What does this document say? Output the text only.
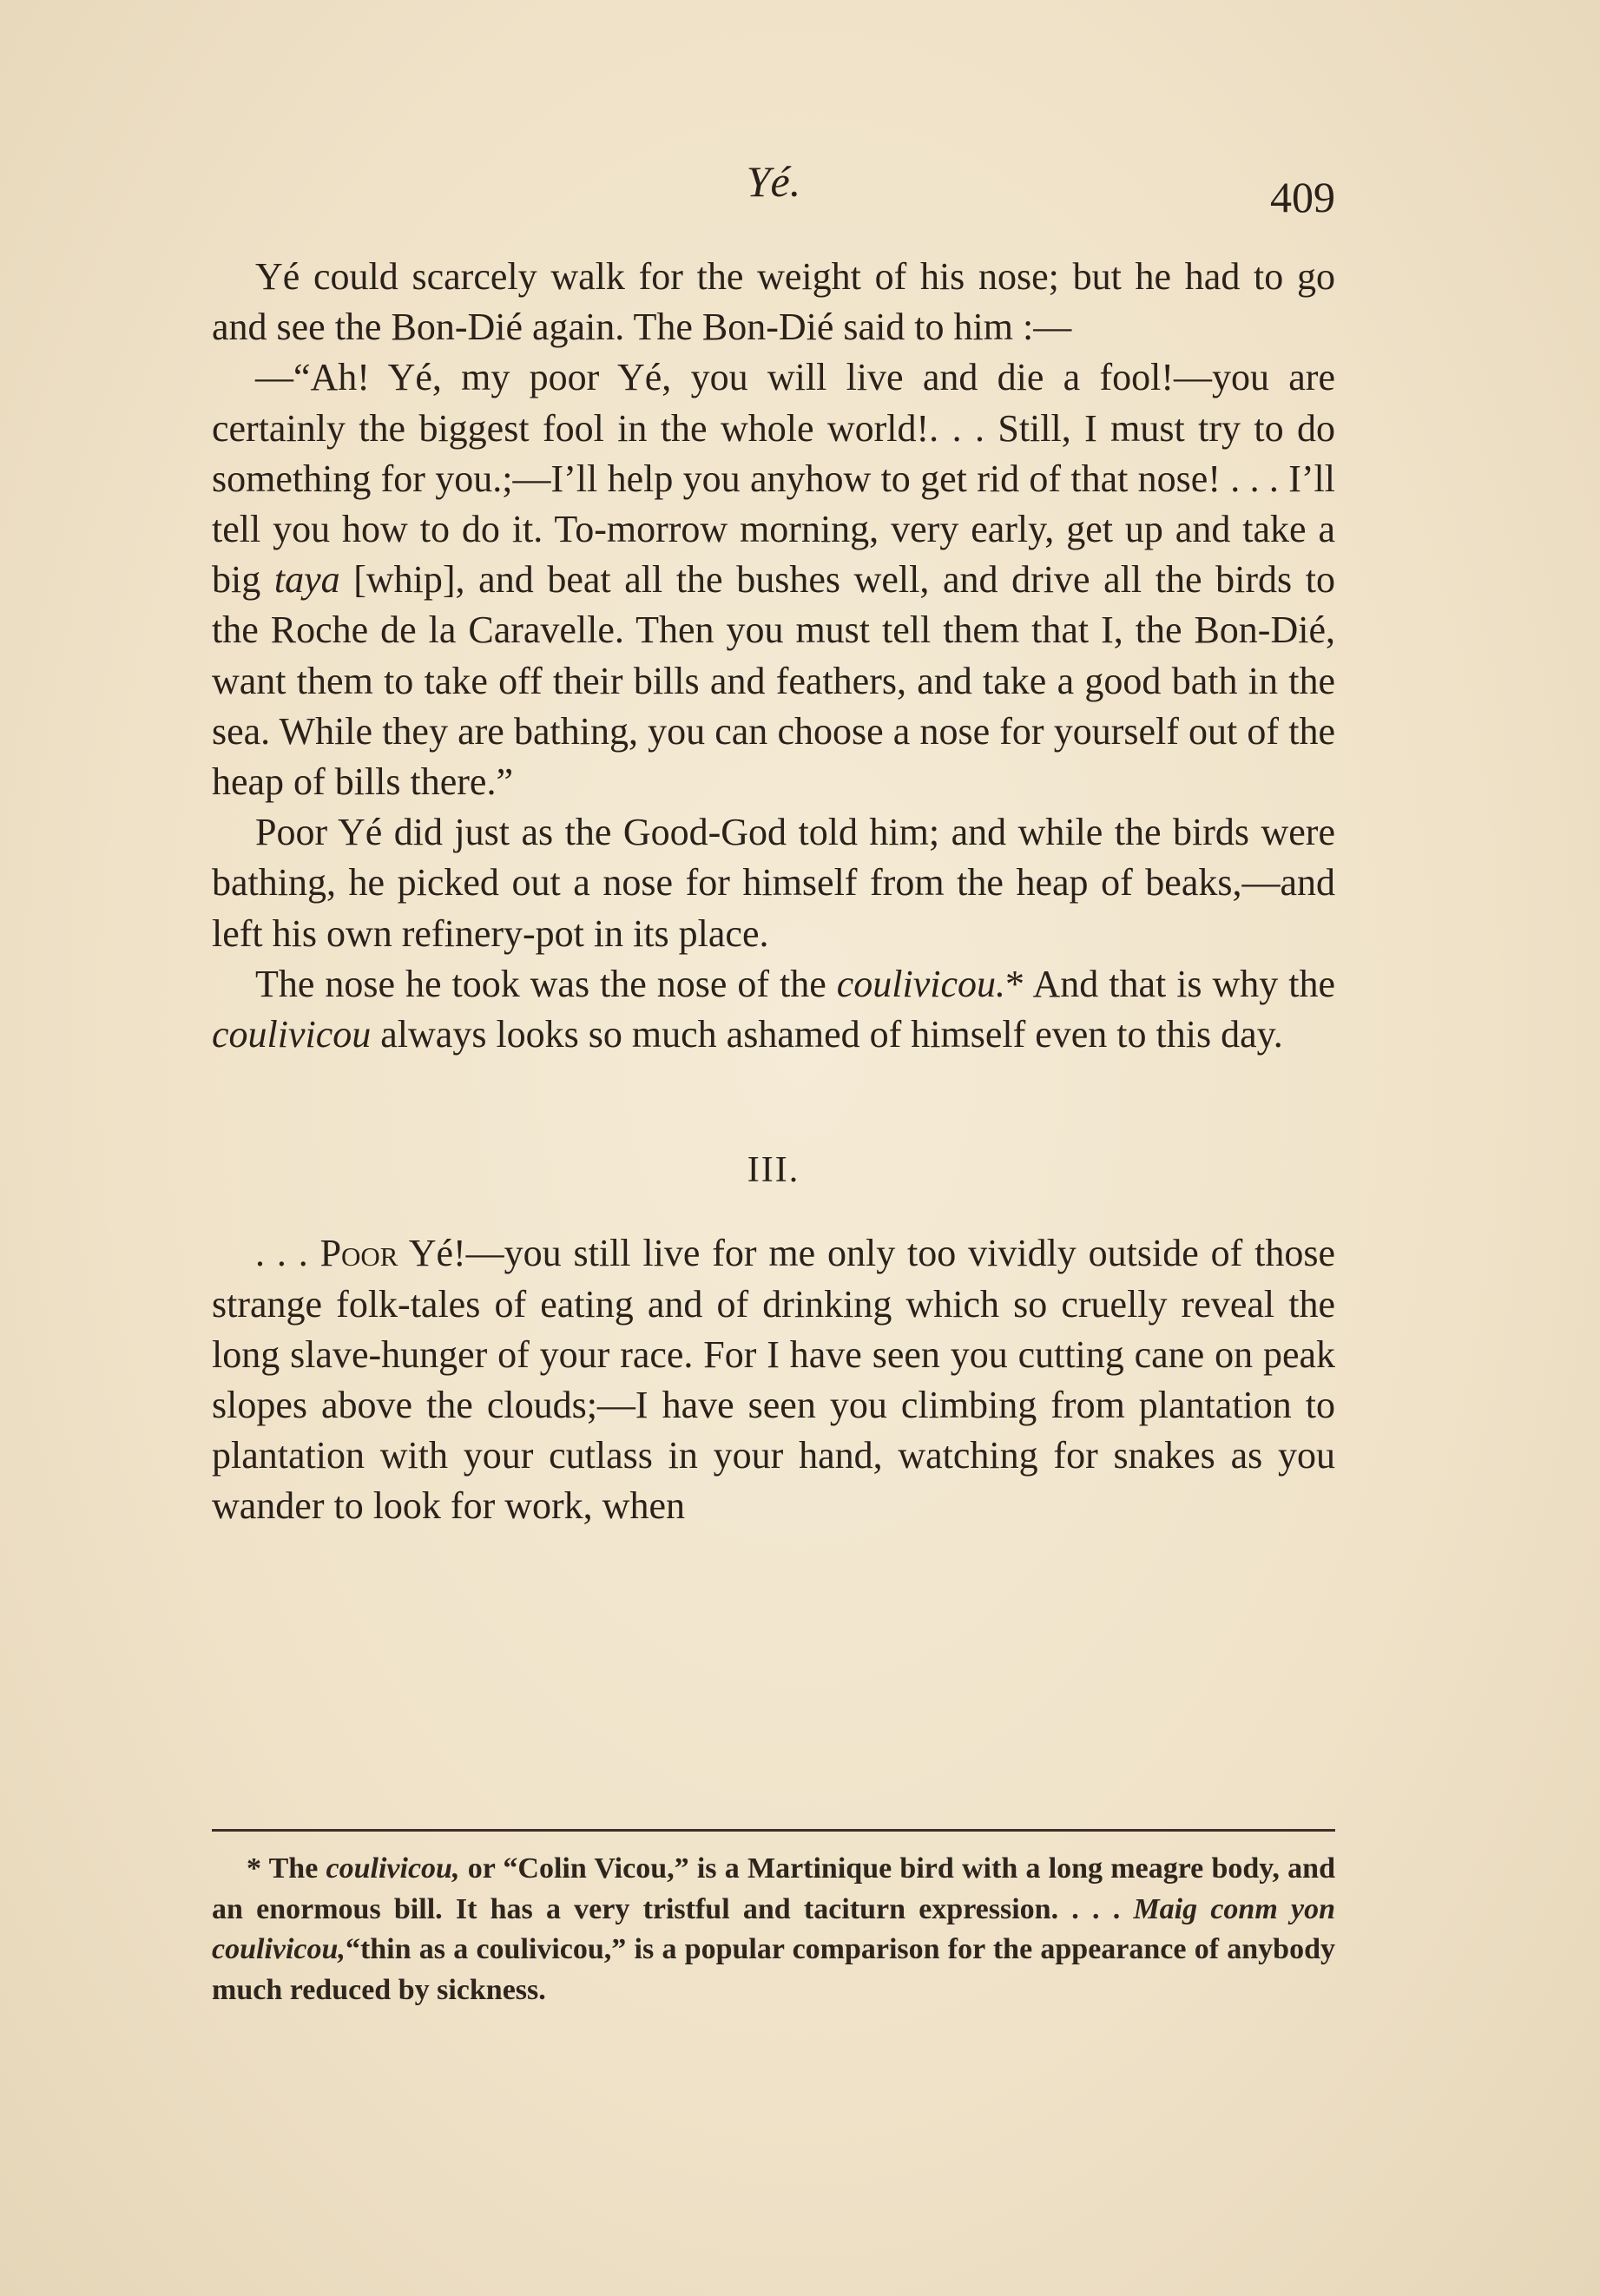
Yé.	409

Yé could scarcely walk for the weight of his nose; but he had to go and see the Bon-Dié again. The Bon-Dié said to him :—

—“Ah! Yé, my poor Yé, you will live and die a fool!—you are certainly the biggest fool in the whole world!. . . Still, I must try to do something for you.;—I’ll help you anyhow to get rid of that nose! . . . I’ll tell you how to do it. To-morrow morning, very early, get up and take a big taya [whip], and beat all the bushes well, and drive all the birds to the Roche de la Caravelle. Then you must tell them that I, the Bon-Dié, want them to take off their bills and feathers, and take a good bath in the sea. While they are bathing, you can choose a nose for yourself out of the heap of bills there.”

Poor Yé did just as the Good-God told him; and while the birds were bathing, he picked out a nose for himself from the heap of beaks,—and left his own refinery-pot in its place.

The nose he took was the nose of the coulivicou.* And that is why the coulivicou always looks so much ashamed of himself even to this day.

III.

. . . Poor Yé!—you still live for me only too vividly outside of those strange folk-tales of eating and of drinking which so cruelly reveal the long slave-hunger of your race. For I have seen you cutting cane on peak slopes above the clouds;—I have seen you climbing from plantation to plantation with your cutlass in your hand, watching for snakes as you wander to look for work, when

* The coulivicou, or “Colin Vicou,” is a Martinique bird with a long meagre body, and an enormous bill. It has a very tristful and taciturn expression. . . . Maig conm yon coulivicou,“thin as a coulivicou,” is a popular comparison for the appearance of anybody much reduced by sickness.
